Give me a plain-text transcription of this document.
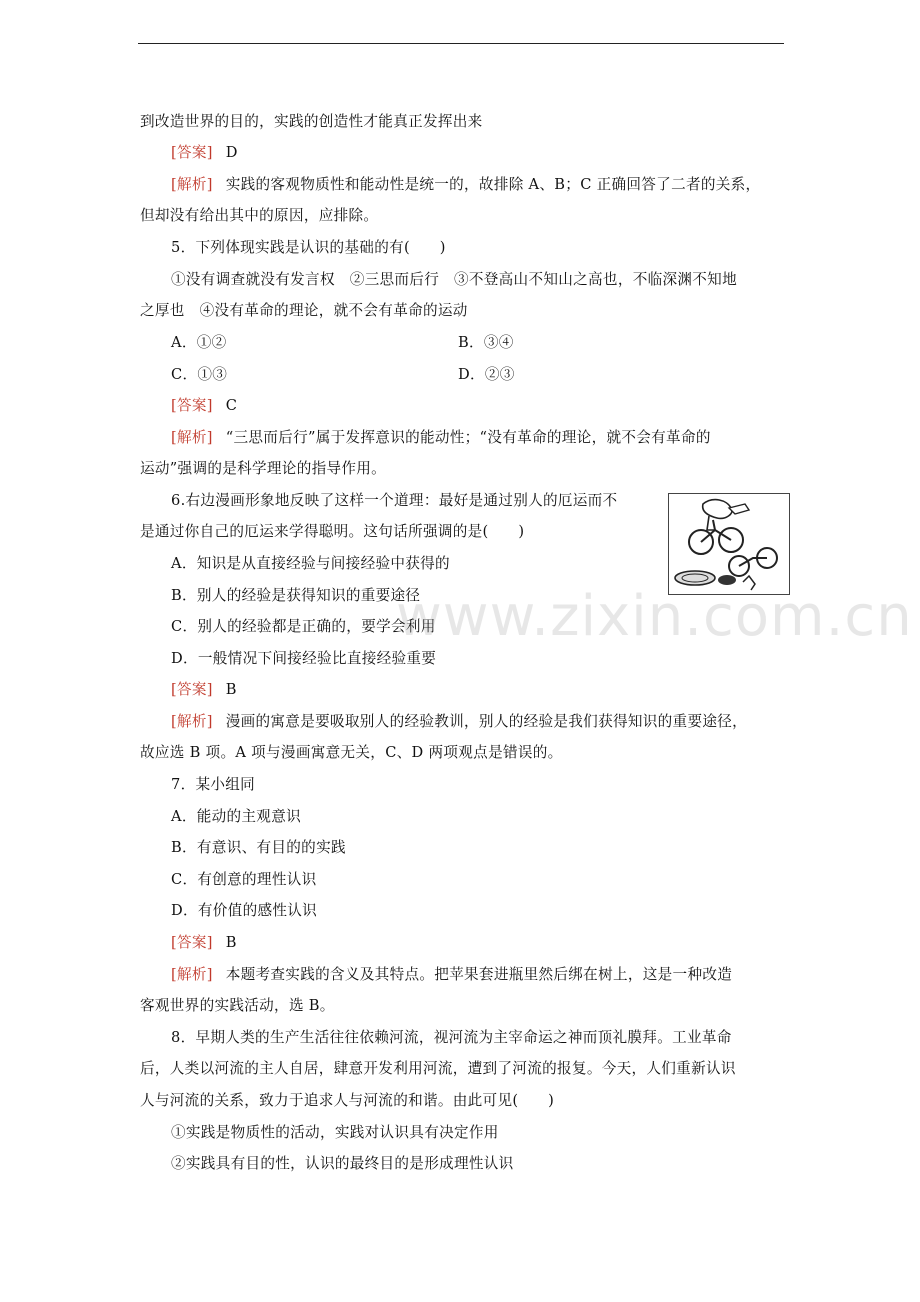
到改造世界的目的，实践的创造性才能真正发挥出来
[答案] D
[解析] 实践的客观物质性和能动性是统一的，故排除 A、B；C 正确回答了二者的关系，
但却没有给出其中的原因，应排除。
5．下列体现实践是认识的基础的有(　　)
①没有调查就没有发言权　②三思而后行　③不登高山不知山之高也，不临深渊不知地
之厚也　④没有革命的理论，就不会有革命的运动
A．①②	B．③④
C．①③	D．②③
[答案] C
[解析] “三思而后行”属于发挥意识的能动性；“没有革命的理论，就不会有革命的
运动”强调的是科学理论的指导作用。
6.右边漫画形象地反映了这样一个道理：最好是通过别人的厄运而不
是通过你自己的厄运来学得聪明。这句话所强调的是(　　)
A．知识是从直接经验与间接经验中获得的
B．别人的经验是获得知识的重要途径
C．别人的经验都是正确的，要学会利用
D．一般情况下间接经验比直接经验重要
[答案] B
[解析] 漫画的寓意是要吸取别人的经验教训，别人的经验是我们获得知识的重要途径，
故应选 B 项。A 项与漫画寓意无关，C、D 两项观点是错误的。
7．某小组同
A．能动的主观意识
B．有意识、有目的的实践
C．有创意的理性认识
D．有价值的感性认识
[答案] B
[解析] 本题考查实践的含义及其特点。把苹果套进瓶里然后绑在树上，这是一种改造
客观世界的实践活动，选 B。
8．早期人类的生产生活往往依赖河流，视河流为主宰命运之神而顶礼膜拜。工业革命
后，人类以河流的主人自居，肆意开发利用河流，遭到了河流的报复。今天，人们重新认识
人与河流的关系，致力于追求人与河流的和谐。由此可见(　　)
①实践是物质性的活动，实践对认识具有决定作用
②实践具有目的性，认识的最终目的是形成理性认识
www.zixin.com.cn
